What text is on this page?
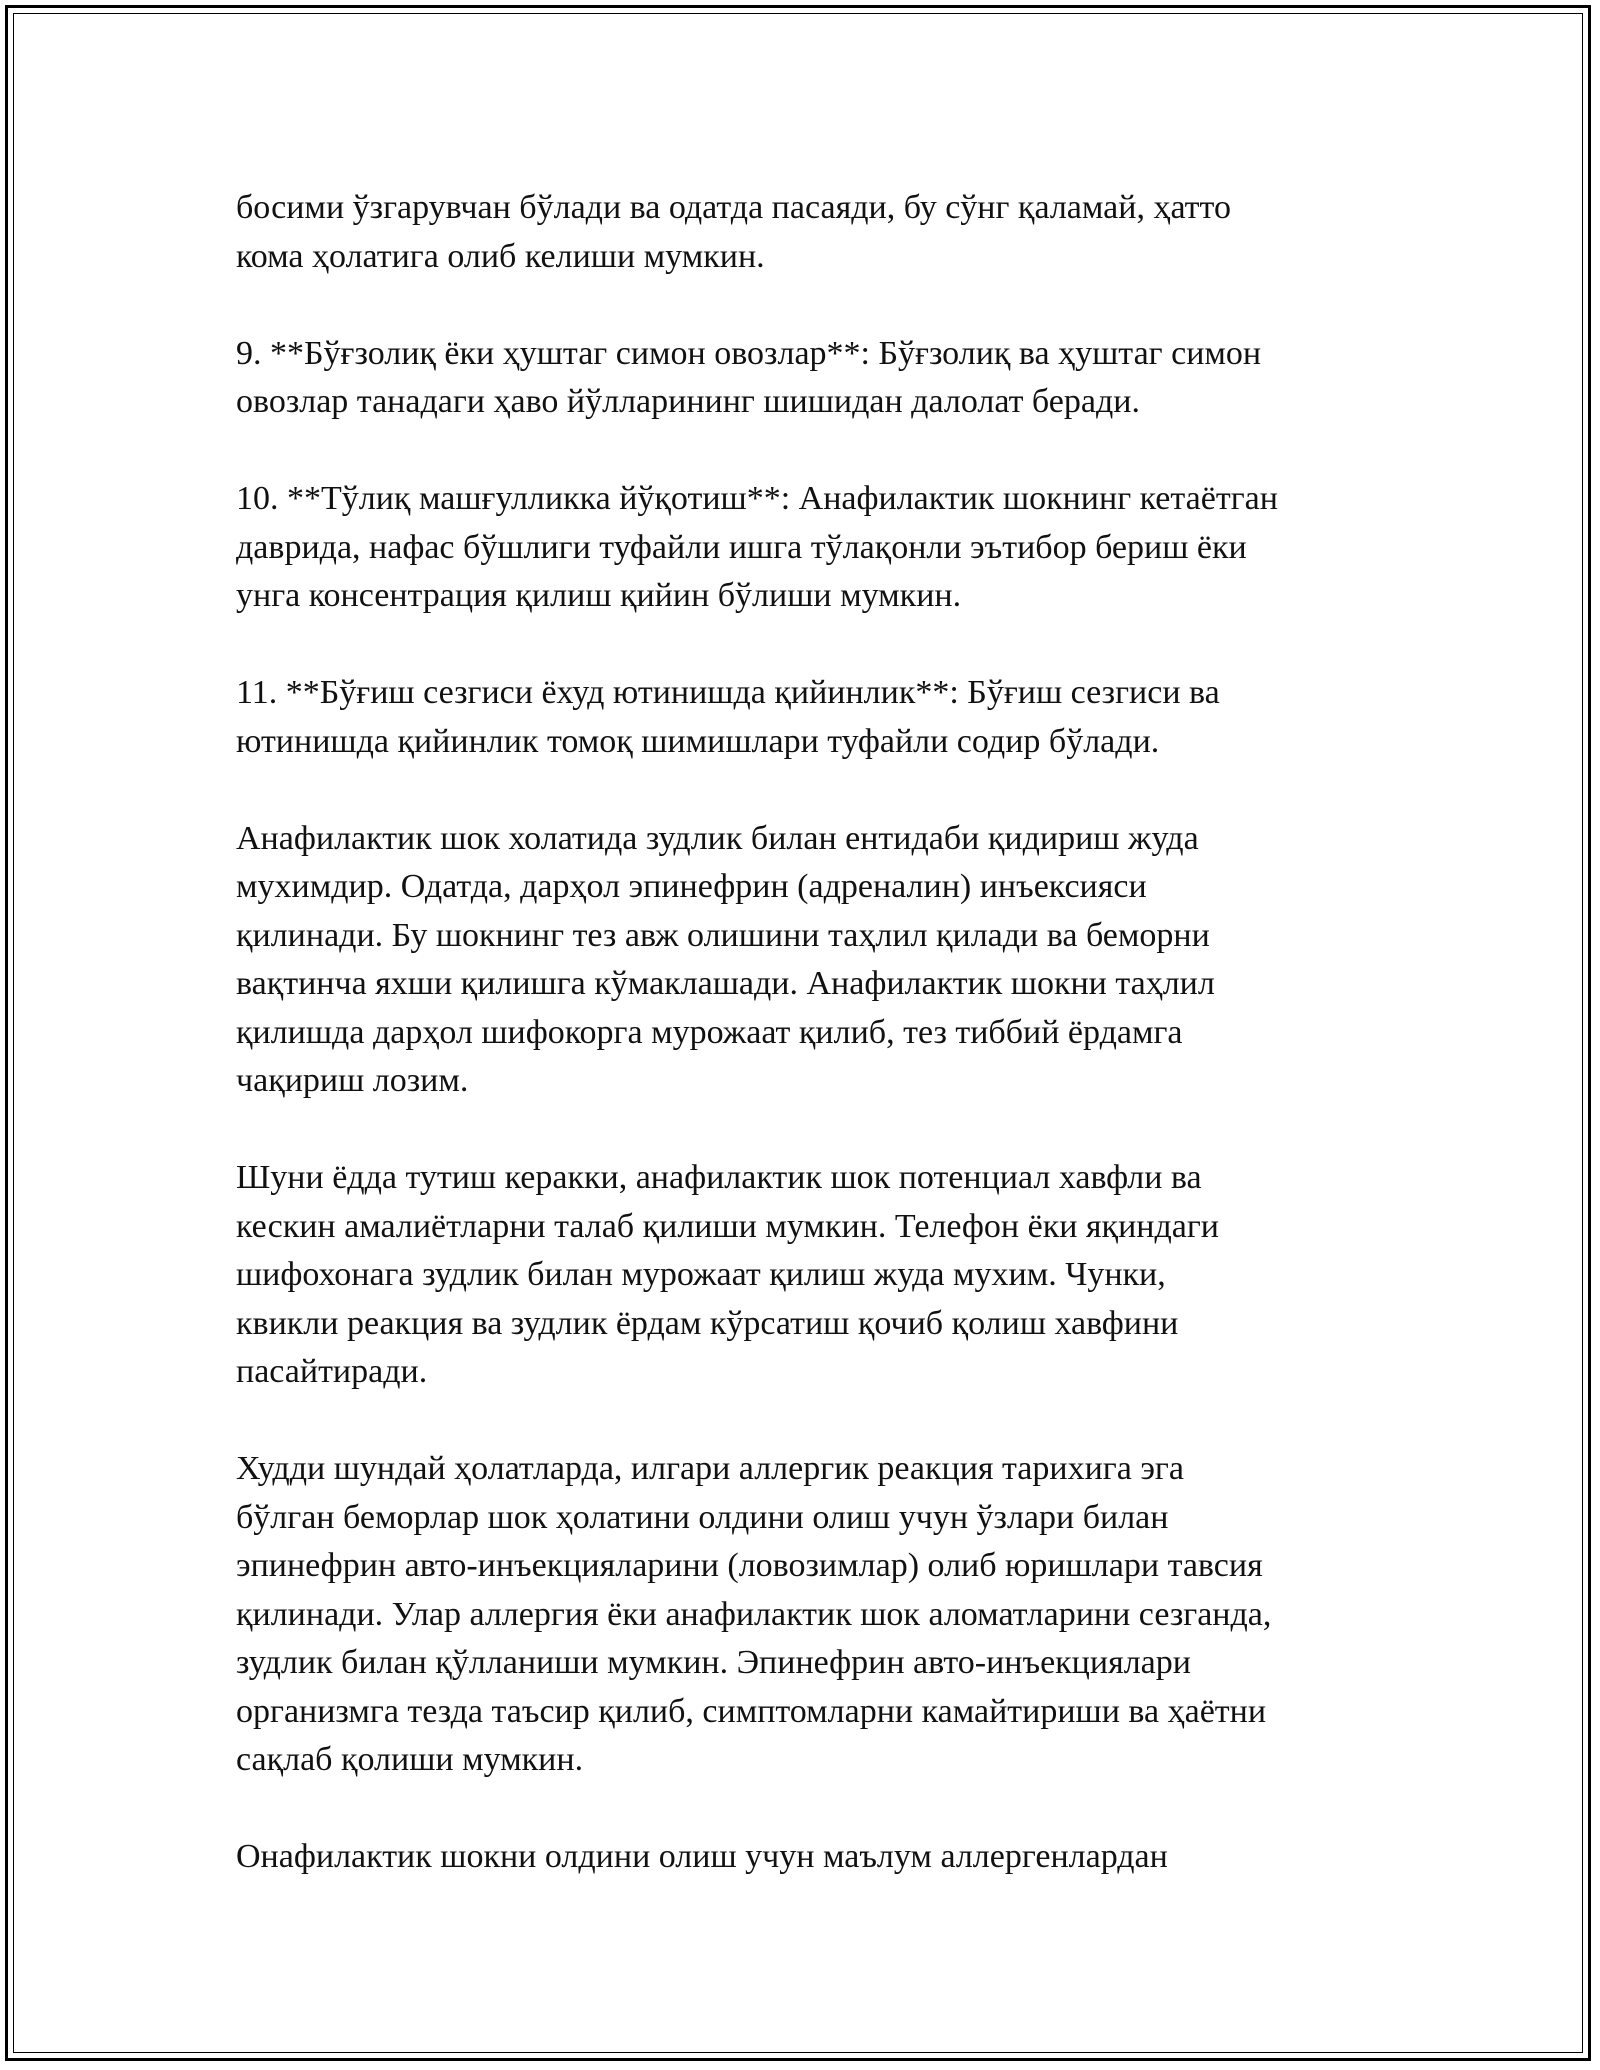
босими ўзгарувчан бўлади ва одатда пасаяди, бу сўнг қаламай, ҳатто
кома ҳолатига олиб келиши мумкин.

9. **Бўғзолиқ ёки ҳуштаг симон овозлар**: Бўғзолиқ ва ҳуштаг симон
овозлар танадаги ҳаво йўлларининг шишидан далолат беради.

10. **Тўлиқ машғулликка йўқотиш**: Анафилактик шокнинг кетаётган
даврида, нафас бўшлиги туфайли ишга тўлақонли эътибор бериш ёки
унга консентрация қилиш қийин бўлиши мумкин.

11. **Бўғиш сезгиси ёхуд ютинишда қийинлик**: Бўғиш сезгиси ва
ютинишда қийинлик томоқ шимишлари туфайли содир бўлади.

Анафилактик шок холатида зудлик билан ентидаби қидириш жуда
мухимдир. Одатда, дарҳол эпинефрин (адреналин) инъексияси
қилинади. Бу шокнинг тез авж олишини таҳлил қилади ва беморни
вақтинча яхши қилишга кўмаклашади. Анафилактик шокни таҳлил
қилишда дарҳол шифокорга мурожаат қилиб, тез тиббий ёрдамга
чақириш лозим.

Шуни ёдда тутиш керакки, анафилактик шок потенциал хавфли ва
кескин амалиётларни талаб қилиши мумкин. Телефон ёки яқиндаги
шифохонага зудлик билан мурожаат қилиш жуда мухим. Чунки,
квикли реакция ва зудлик ёрдам кўрсатиш қочиб қолиш хавфини
пасайтиради.

Худди шундай ҳолатларда, илгари аллергик реакция тарихига эга
бўлган беморлар шок ҳолатини олдини олиш учун ўзлари билан
эпинефрин авто-инъекцияларини (ловозимлар) олиб юришлари тавсия
қилинади. Улар аллергия ёки анафилактик шок аломатларини сезганда,
зудлик билан қўлланиши мумкин. Эпинефрин авто-инъекциялари
организмга тезда таъсир қилиб, симптомларни камайтириши ва ҳаётни
сақлаб қолиши мумкин.

Онафилактик шокни олдини олиш учун маълум аллергенлардан
